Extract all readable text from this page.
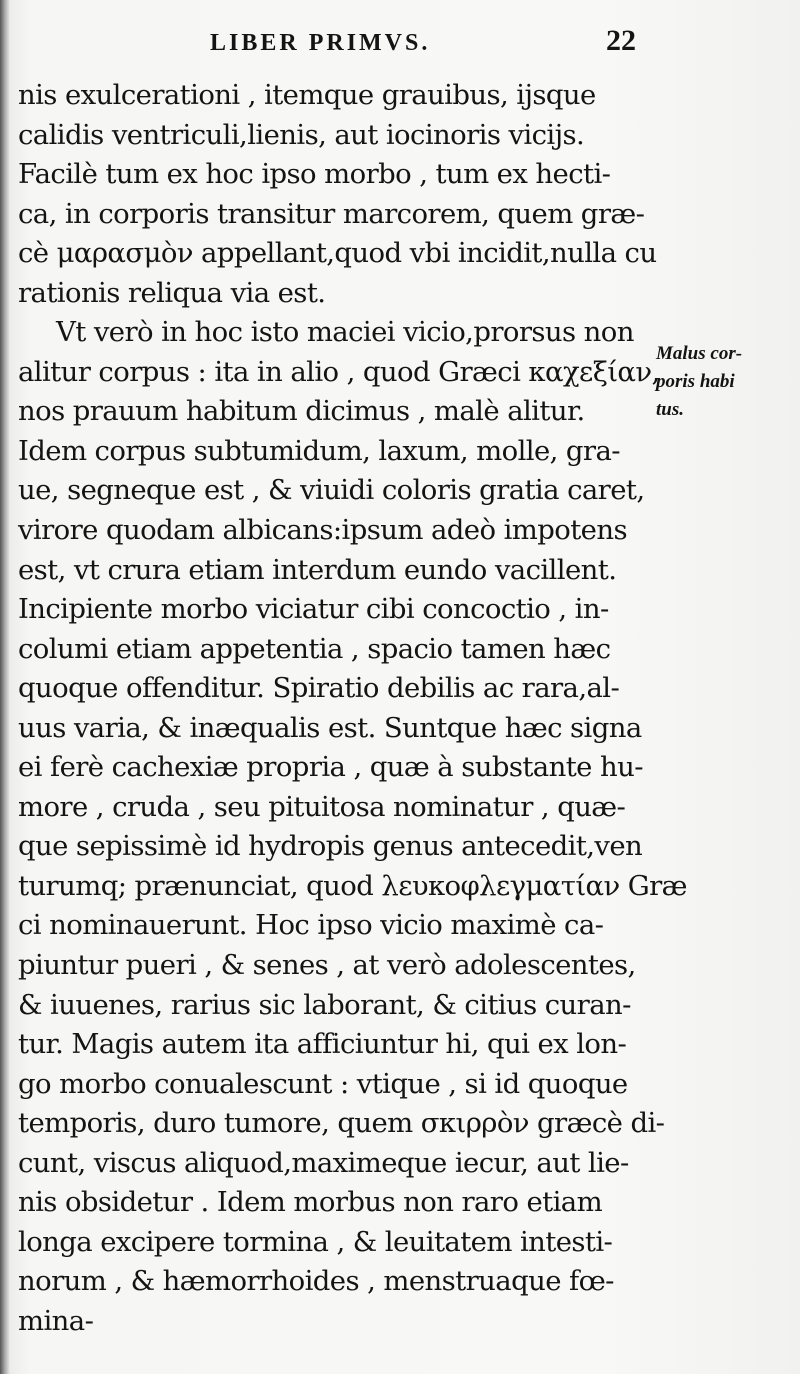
LIBER PRIMVS.	22
nis exulcerationi , itemque grauibus, ijsque
calidis ventriculi,lienis, aut iocinoris vicijs.
Facilè tum ex hoc ipso morbo , tum ex hecti-
ca, in corporis transitur marcorem, quem græ-
cè μαρασμὸν appellant,quod vbi incidit,nulla cu
rationis reliqua via est.
Vt verò in hoc isto maciei vicio,prorsus non
alitur corpus : ita in alio , quod Græci καχεξίαν,
nos prauum habitum dicimus , malè alitur.
Idem corpus subtumidum, laxum, molle, gra-
ue, segneque est , & viuidi coloris gratia caret,
virore quodam albicans:ipsum adeò impotens
est, vt crura etiam interdum eundo vacillent.
Incipiente morbo viciatur cibi concoctio , in-
columi etiam appetentia , spacio tamen hæc
quoque offenditur. Spiratio debilis ac rara,al-
uus varia, & inæqualis est. Suntque hæc signa
ei ferè cachexiæ propria , quæ à substante hu-
more , cruda , seu pituitosa nominatur , quæ-
que sepissimè id hydropis genus antecedit,ven
turumq; prænunciat, quod λευκοφλεγματίαν Græ
ci nominauerunt. Hoc ipso vicio maximè ca-
piuntur pueri , & senes , at verò adolescentes,
& iuuenes, rarius sic laborant, & citius curan-
tur. Magis autem ita afficiuntur hi, qui ex lon-
go morbo conualescunt : vtique , si id quoque
temporis, duro tumore, quem σκιρρὸν græcè di-
cunt, viscus aliquod,maximeque iecur, aut lie-
nis obsidetur . Idem morbus non raro etiam
longa excipere tormina , & leuitatem intesti-
norum , & hæmorrhoides , menstruaque fœ-
mina-
Malus cor-
poris habi
tus.
